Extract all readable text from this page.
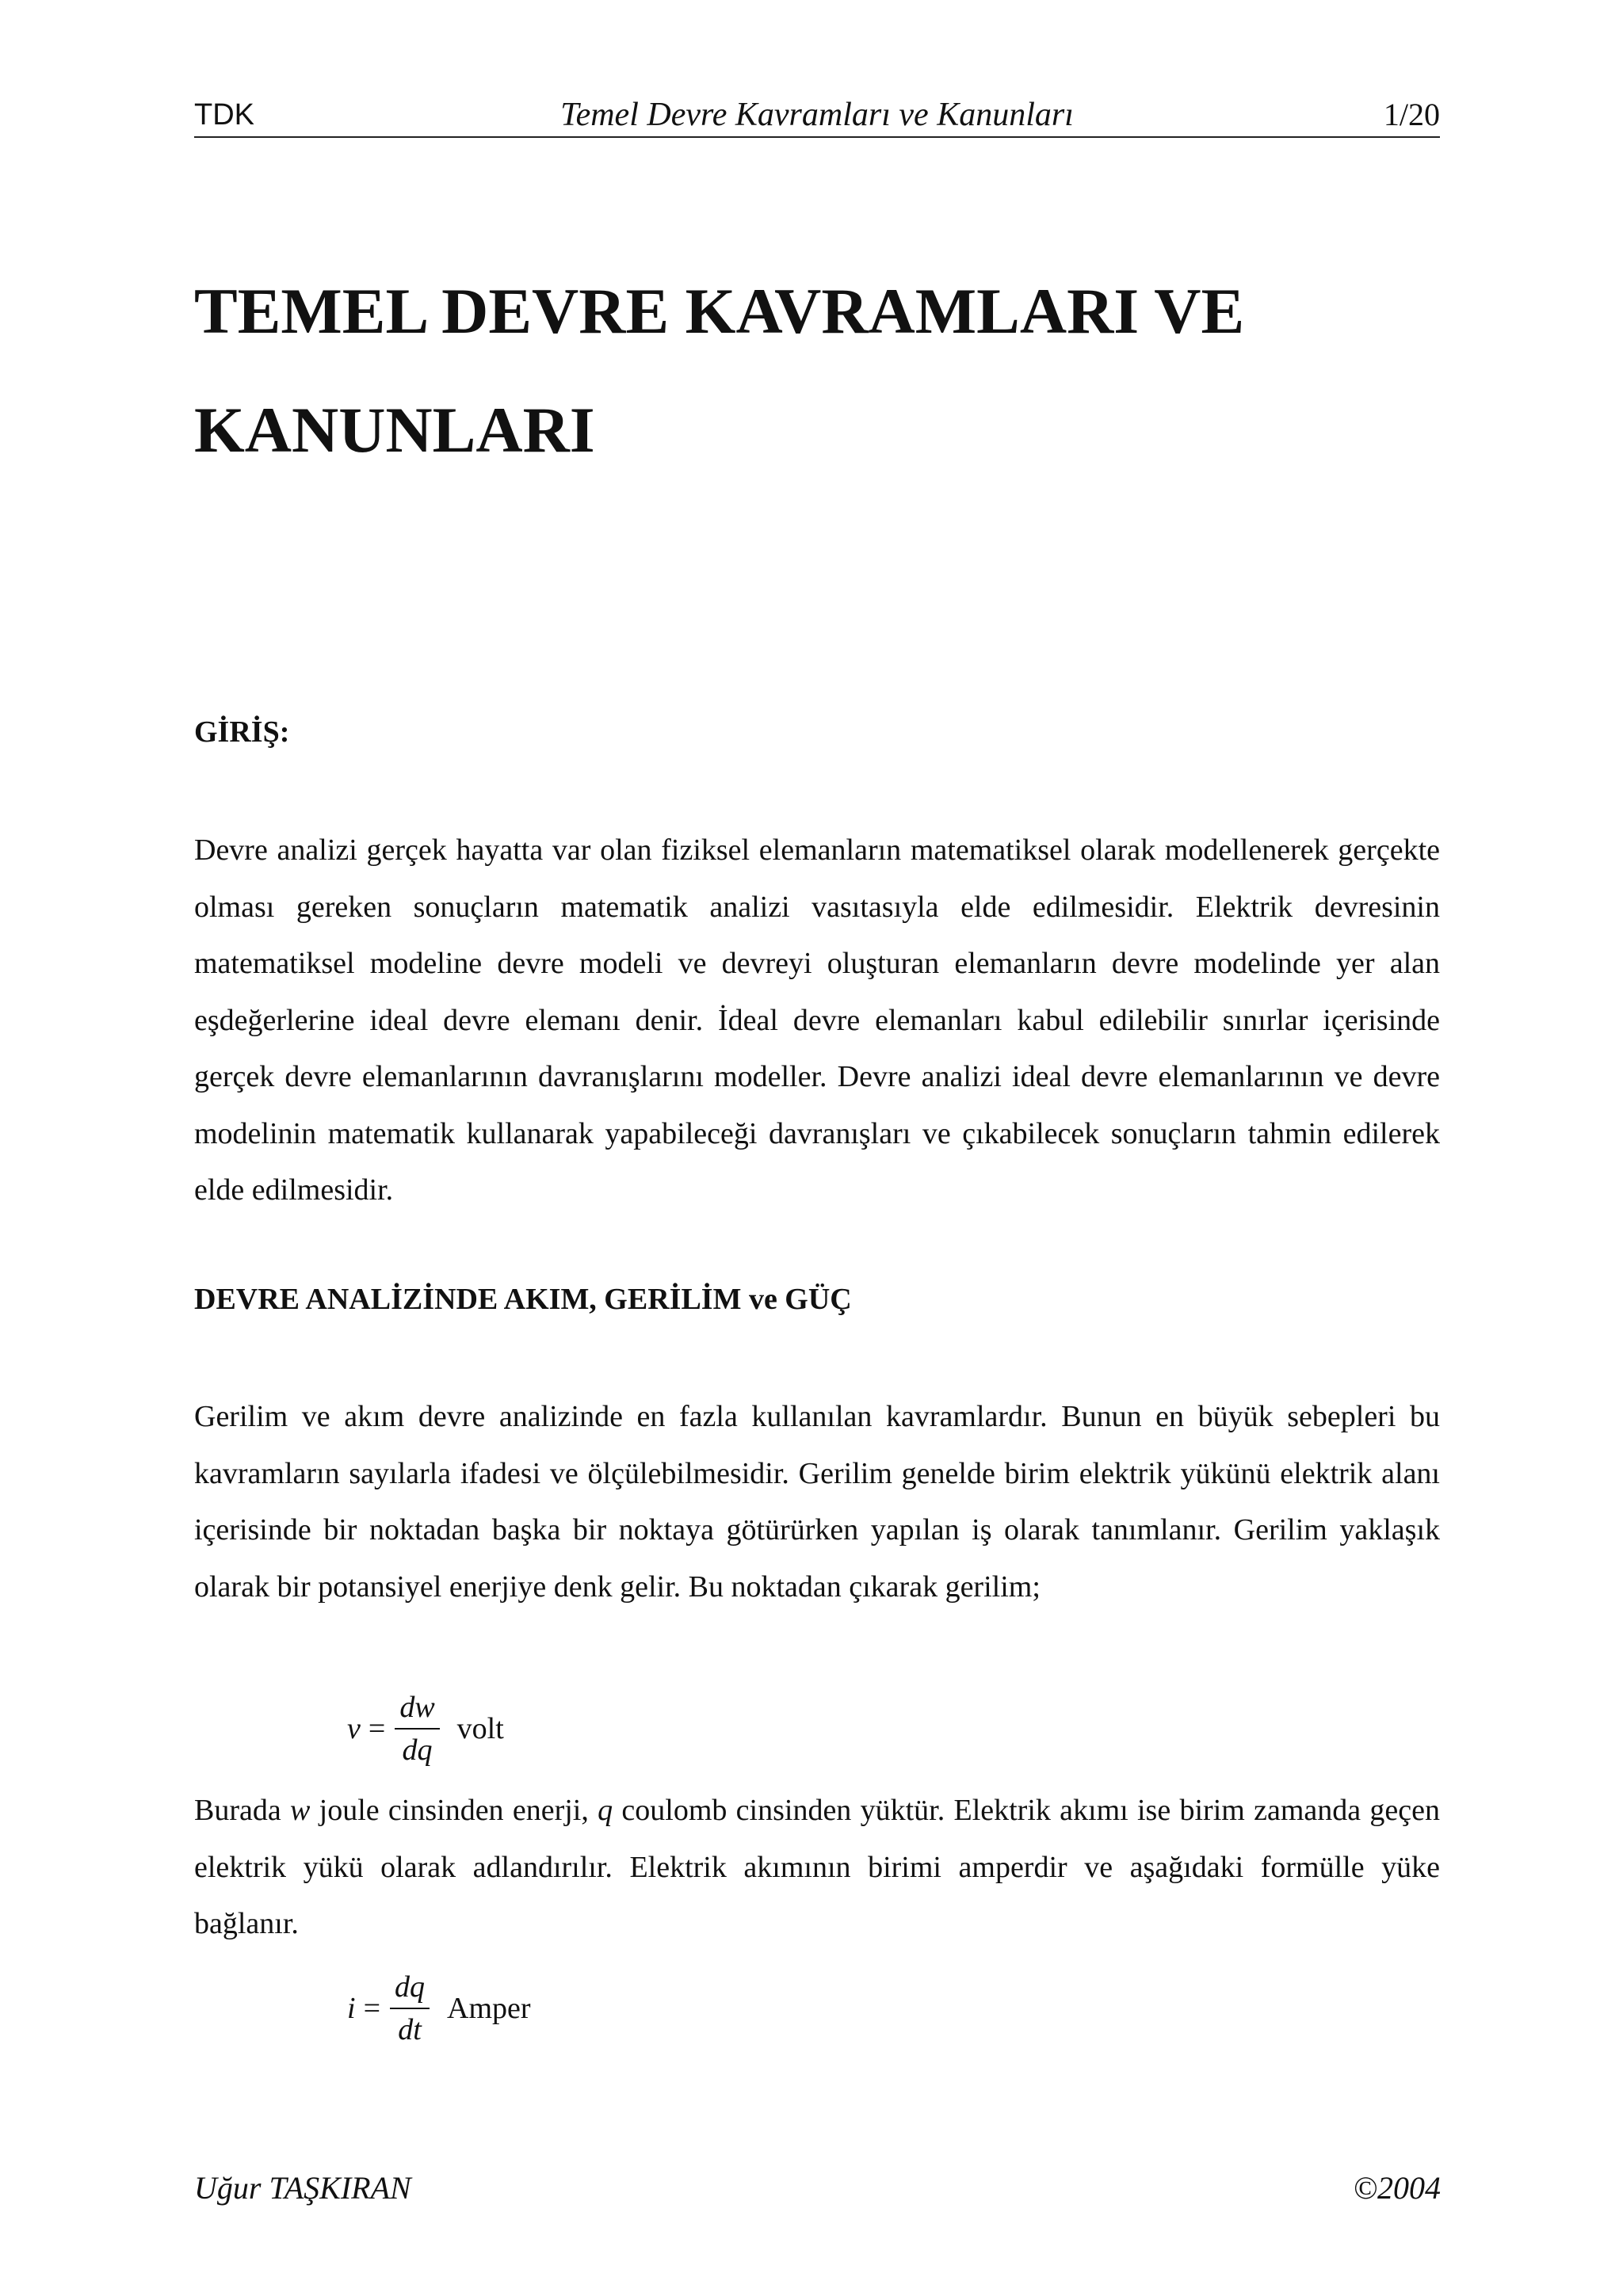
TDK	Temel Devre Kavramları ve Kanunları	1/20
TEMEL DEVRE KAVRAMLARI VE
KANUNLARI
GİRİŞ:

Devre analizi gerçek hayatta var olan fiziksel elemanların matematiksel olarak modellenerek gerçekte olması gereken sonuçların matematik analizi vasıtasıyla elde edilmesidir. Elektrik devresinin matematiksel modeline devre modeli ve devreyi oluşturan elemanların devre modelinde yer alan eşdeğerlerine ideal devre elemanı denir. İdeal devre elemanları kabul edilebilir sınırlar içerisinde gerçek devre elemanlarının davranışlarını modeller. Devre analizi ideal devre elemanlarının ve devre modelinin matematik kullanarak yapabileceği davranışları ve çıkabilecek sonuçların tahmin edilerek elde edilmesidir.

DEVRE ANALİZİNDE AKIM, GERİLİM ve GÜÇ

Gerilim ve akım devre analizinde en fazla kullanılan kavramlardır. Bunun en büyük sebepleri bu kavramların sayılarla ifadesi ve ölçülebilmesidir. Gerilim genelde birim elektrik yükünü elektrik alanı içerisinde bir noktadan başka bir noktaya götürürken yapılan iş olarak tanımlanır. Gerilim yaklaşık olarak bir potansiyel enerjiye denk gelir. Bu noktadan çıkarak gerilim;

$v = \frac{dw}{dq}$ volt

Burada w joule cinsinden enerji, q coulomb cinsinden yüktür. Elektrik akımı ise birim zamanda geçen elektrik yükü olarak adlandırılır. Elektrik akımının birimi amperdir ve aşağıdaki formülle yüke bağlanır.

$i = \frac{dq}{dt}$ Amper
Uğur TAŞKIRAN	©2004
